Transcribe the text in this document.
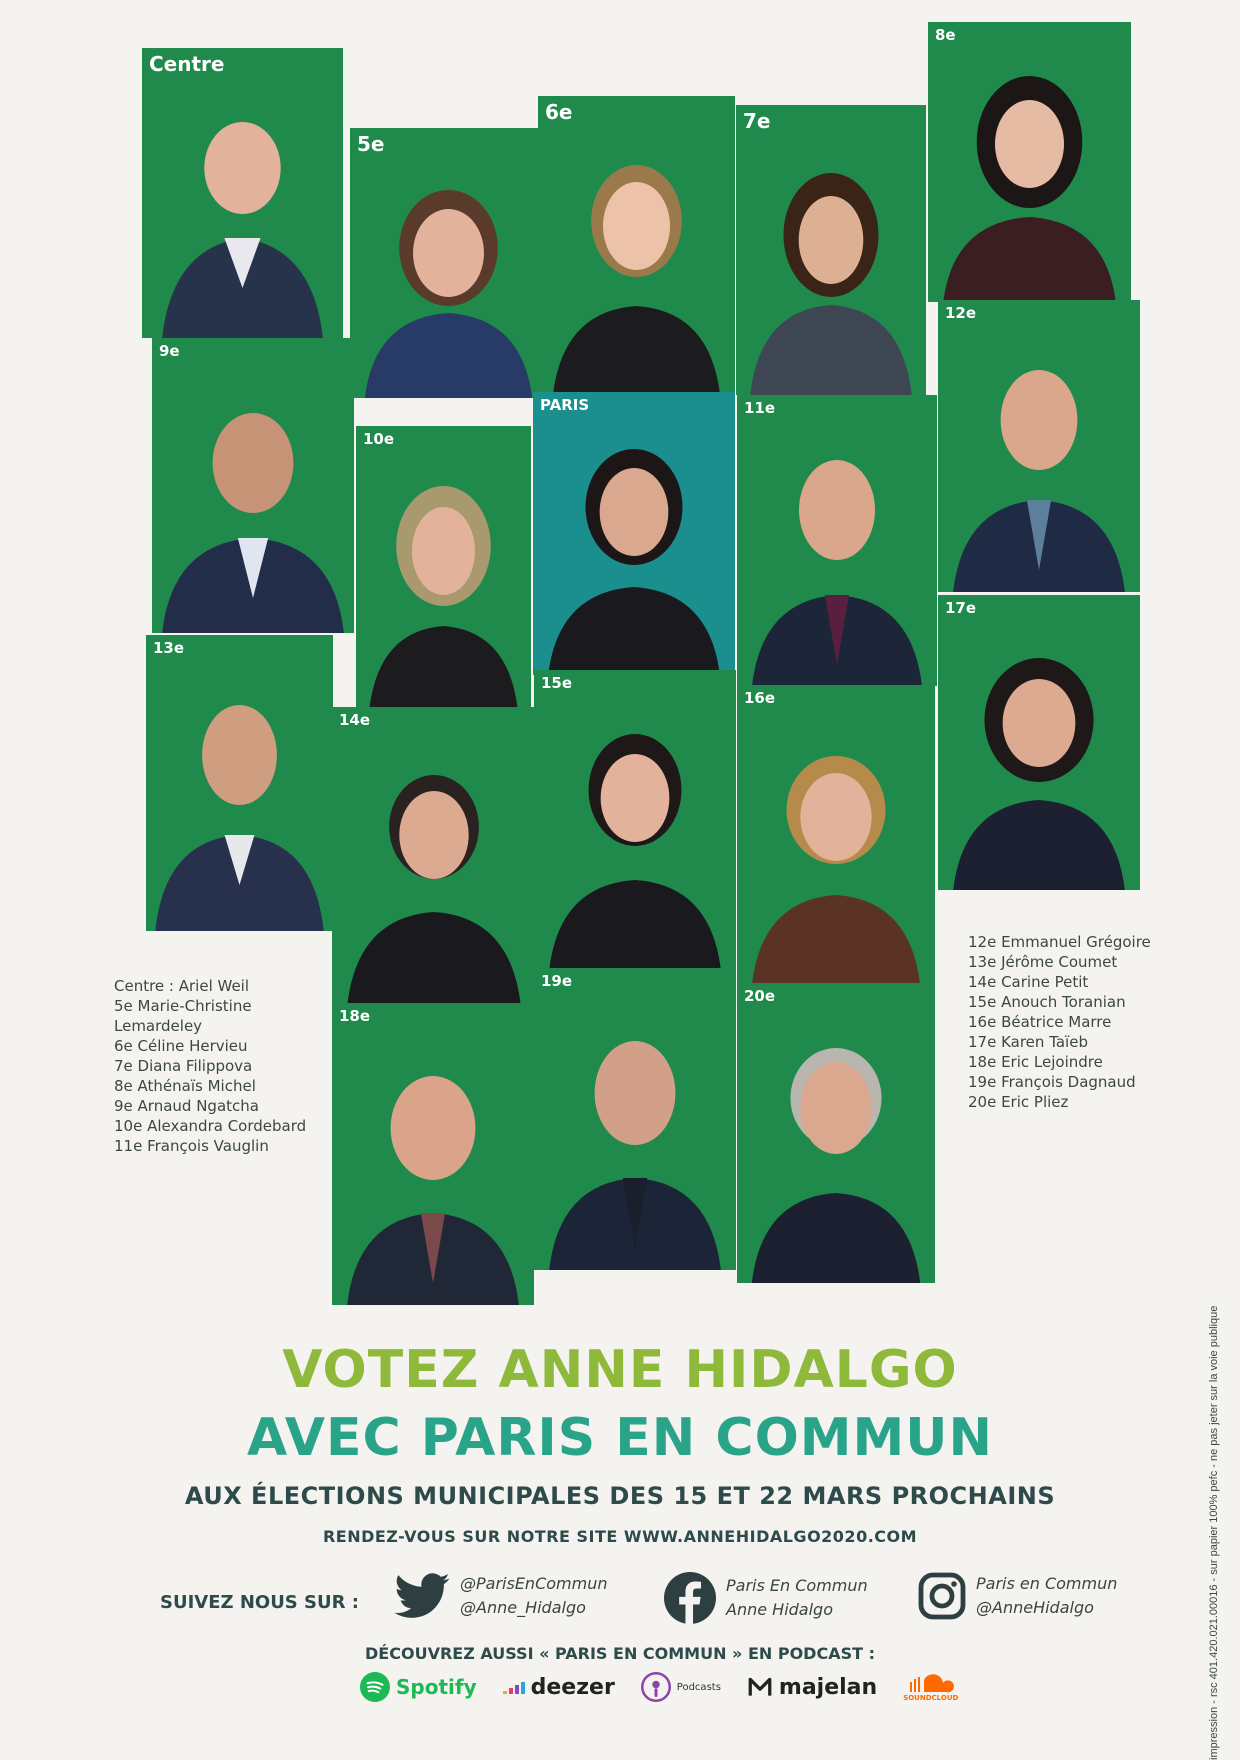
Centre
5e
6e	7e
8e
9e
10e
PARIS	11e
12e
13e
14e
15e
16e
17e
18e
19e
20e
Centre : Ariel Weil
5e Marie-Christine
Lemardeley
6e Céline Hervieu
7e Diana Filippova
8e Athénaïs Michel
9e Arnaud Ngatcha
10e Alexandra Cordebard
11e François Vauglin
12e Emmanuel Grégoire
13e Jérôme Coumet
14e Carine Petit
15e Anouch Toranian
16e Béatrice Marre
17e Karen Taïeb
18e Eric Lejoindre
19e François Dagnaud
20e Eric Pliez
VOTEZ ANNE HIDALGO
AVEC PARIS EN COMMUN
AUX ÉLECTIONS MUNICIPALES DES 15 ET 22 MARS PROCHAINS
RENDEZ-VOUS SUR NOTRE SITE WWW.ANNEHIDALGO2020.COM
SUIVEZ NOUS SUR :
@ParisEnCommun
@Anne_Hidalgo
Paris En Commun
Anne Hidalgo
Paris en Commun
@AnneHidalgo
DÉCOUVREZ AUSSI « PARIS EN COMMUN » EN PODCAST :
Spotify deezer	Podcasts	majelan	SOUNDCLOUD	impression - rsc 401.420.021.00016 - sur papier 100% pefc - ne pas jeter sur la voie publique
